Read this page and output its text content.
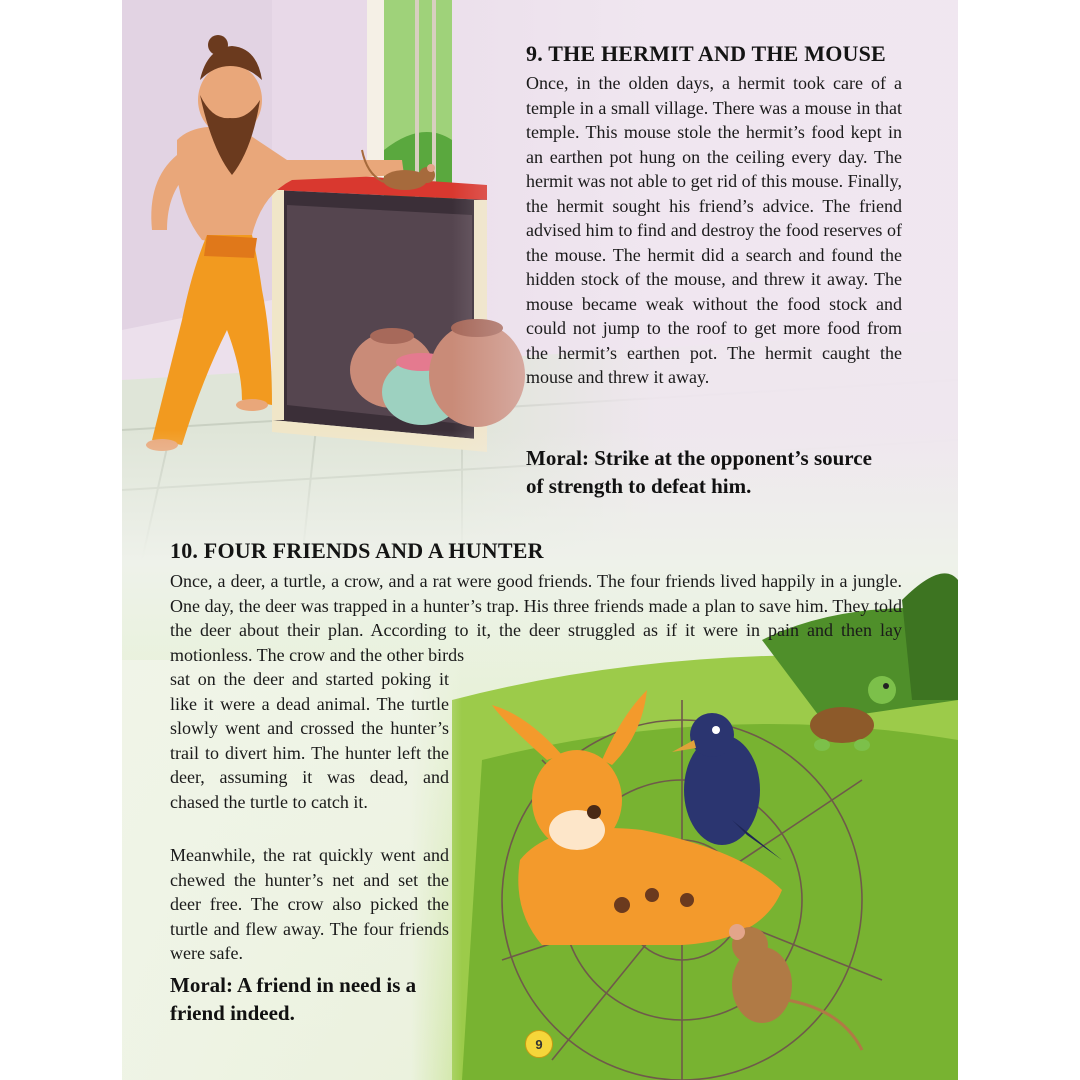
9. THE HERMIT AND THE MOUSE

Once, in the olden days, a hermit took care of a temple in a small village. There was a mouse in that temple. This mouse stole the hermit’s food kept in an earthen pot hung on the ceiling every day. The hermit was not able to get rid of this mouse. Finally, the hermit sought his friend’s advice. The friend advised him to find and destroy the food reserves of the mouse. The hermit did a search and found the hidden stock of the mouse, and threw it away. The mouse became weak without the food stock and could not jump to the roof to get more food from the hermit’s earthen pot. The hermit caught the mouse and threw it away.

Moral: Strike at the opponent’s source of strength to defeat him.

10. FOUR FRIENDS AND A HUNTER

Once, a deer, a turtle, a crow, and a rat were good friends. The four friends lived happily in a jungle. One day, the deer was trapped in a hunter’s trap. His three friends made a plan to save him. They told the deer about their plan. According to it, the deer struggled as if it were in pain and then lay motionless. The crow and the other birds

sat on the deer and started poking it like it were a dead animal. The turtle slowly went and crossed the hunter’s trail to divert him. The hunter left the deer, assuming it was dead, and chased the turtle to catch it.

Meanwhile, the rat quickly went and chewed the hunter’s net and set the deer free. The crow also picked the turtle and flew away. The four friends were safe.

Moral: A friend in need is a friend indeed.

9
